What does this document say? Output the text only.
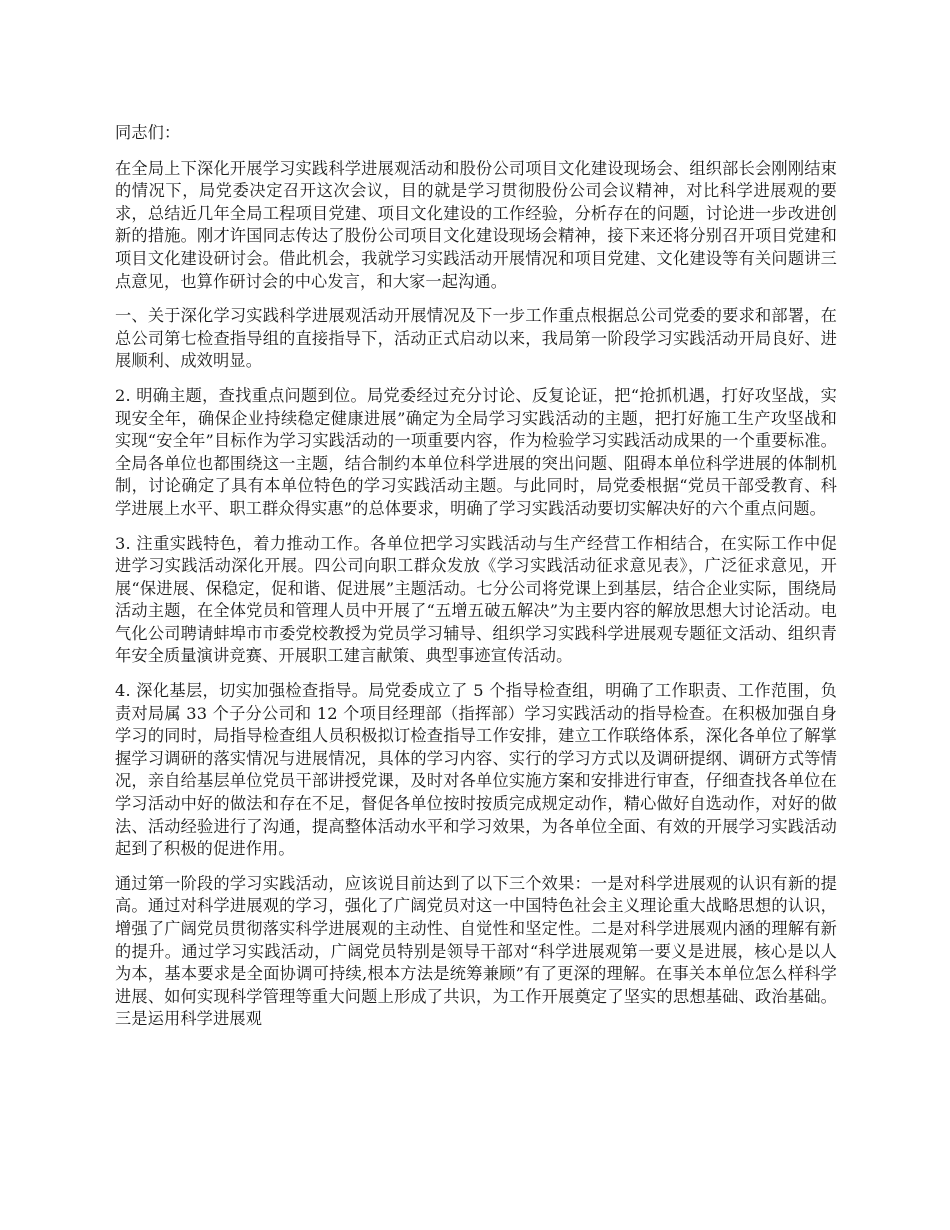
同志们：

在全局上下深化开展学习实践科学进展观活动和股份公司项目文化建设现场会、组织部长会刚刚结束的情况下，局党委决定召开这次会议，目的就是学习贯彻股份公司会议精神，对比科学进展观的要求，总结近几年全局工程项目党建、项目文化建设的工作经验，分析存在的问题，讨论进一步改进创新的措施。刚才许国同志传达了股份公司项目文化建设现场会精神，接下来还将分别召开项目党建和项目文化建设研讨会。借此机会，我就学习实践活动开展情况和项目党建、文化建设等有关问题讲三点意见，也算作研讨会的中心发言，和大家一起沟通。

一、关于深化学习实践科学进展观活动开展情况及下一步工作重点根据总公司党委的要求和部署，在总公司第七检查指导组的直接指导下，活动正式启动以来，我局第一阶段学习实践活动开局良好、进展顺利、成效明显。

2. 明确主题，查找重点问题到位。局党委经过充分讨论、反复论证，把“抢抓机遇，打好攻坚战，实现安全年，确保企业持续稳定健康进展”确定为全局学习实践活动的主题，把打好施工生产攻坚战和实现“安全年”目标作为学习实践活动的一项重要内容，作为检验学习实践活动成果的一个重要标准。全局各单位也都围绕这一主题，结合制约本单位科学进展的突出问题、阻碍本单位科学进展的体制机制，讨论确定了具有本单位特色的学习实践活动主题。与此同时，局党委根据“党员干部受教育、科学进展上水平、职工群众得实惠”的总体要求，明确了学习实践活动要切实解决好的六个重点问题。

3. 注重实践特色，着力推动工作。各单位把学习实践活动与生产经营工作相结合，在实际工作中促进学习实践活动深化开展。四公司向职工群众发放《学习实践活动征求意见表》，广泛征求意见，开展“保进展、保稳定，促和谐、促进展”主题活动。七分公司将党课上到基层，结合企业实际，围绕局活动主题，在全体党员和管理人员中开展了“五增五破五解决”为主要内容的解放思想大讨论活动。电气化公司聘请蚌埠市市委党校教授为党员学习辅导、组织学习实践科学进展观专题征文活动、组织青年安全质量演讲竞赛、开展职工建言献策、典型事迹宣传活动。

4. 深化基层，切实加强检查指导。局党委成立了 5 个指导检查组，明确了工作职责、工作范围，负责对局属 33 个子分公司和 12 个项目经理部（指挥部）学习实践活动的指导检查。在积极加强自身学习的同时，局指导检查组人员积极拟订检查指导工作安排，建立工作联络体系，深化各单位了解掌握学习调研的落实情况与进展情况，具体的学习内容、实行的学习方式以及调研提纲、调研方式等情况，亲自给基层单位党员干部讲授党课，及时对各单位实施方案和安排进行审查，仔细查找各单位在学习活动中好的做法和存在不足，督促各单位按时按质完成规定动作，精心做好自选动作，对好的做法、活动经验进行了沟通，提高整体活动水平和学习效果，为各单位全面、有效的开展学习实践活动起到了积极的促进作用。

通过第一阶段的学习实践活动，应该说目前达到了以下三个效果：一是对科学进展观的认识有新的提高。通过对科学进展观的学习，强化了广阔党员对这一中国特色社会主义理论重大战略思想的认识，增强了广阔党员贯彻落实科学进展观的主动性、自觉性和坚定性。二是对科学进展观内涵的理解有新的提升。通过学习实践活动，广阔党员特别是领导干部对“科学进展观第一要义是进展，核心是以人为本，基本要求是全面协调可持续,根本方法是统筹兼顾”有了更深的理解。在事关本单位怎么样科学进展、如何实现科学管理等重大问题上形成了共识，为工作开展奠定了坚实的思想基础、政治基础。三是运用科学进展观
